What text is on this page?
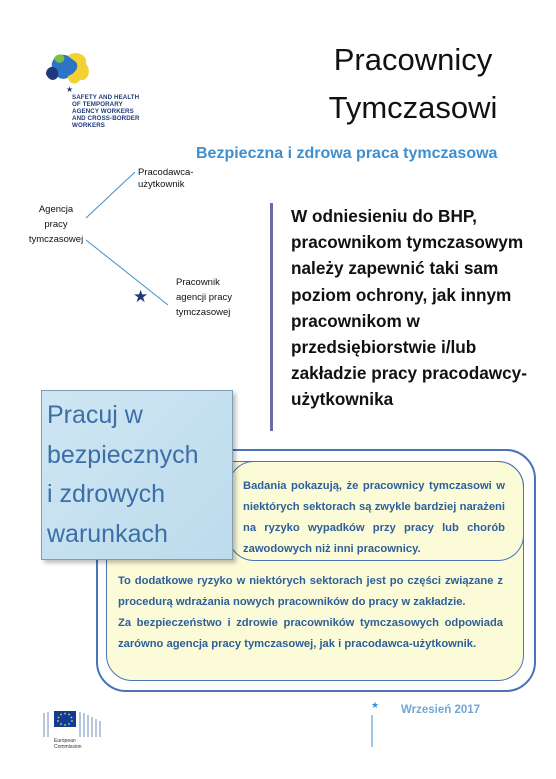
★
SAFETY AND HEALTH
OF TEMPORARY
AGENCY WORKERS
AND CROSS-BORDER
WORKERS
Pracownicy
Tymczasowi
Bezpieczna i zdrowa praca tymczasowa
Pracodawca-
użytkownik
Agencja
pracy
tymczasowej
Pracownik
agencji pracy
tymczasowej
★
W odniesieniu do BHP, pracownikom tymczasowym należy zapewnić taki sam poziom ochrony, jak innym pracownikom w przedsiębiorstwie i/lub zakładzie pracy pracodawcy-użytkownika
Pracuj w
bezpiecznych
i zdrowych
warunkach
Badania pokazują, że pracownicy tymczasowi w niektórych sektorach są zwykle bardziej narażeni na ryzyko wypadków przy pracy lub chorób zawodowych niż inni pracownicy.
To dodatkowe ryzyko w niektórych sektorach jest po części związane z procedurą wdrażania nowych pracowników do pracy w zakładzie.
Za bezpieczeństwo i zdrowie pracowników tymczasowych odpowiada zarówno agencja pracy tymczasowej, jak i pracodawca-użytkownik.
European
Commission
★ Wrzesień 2017
